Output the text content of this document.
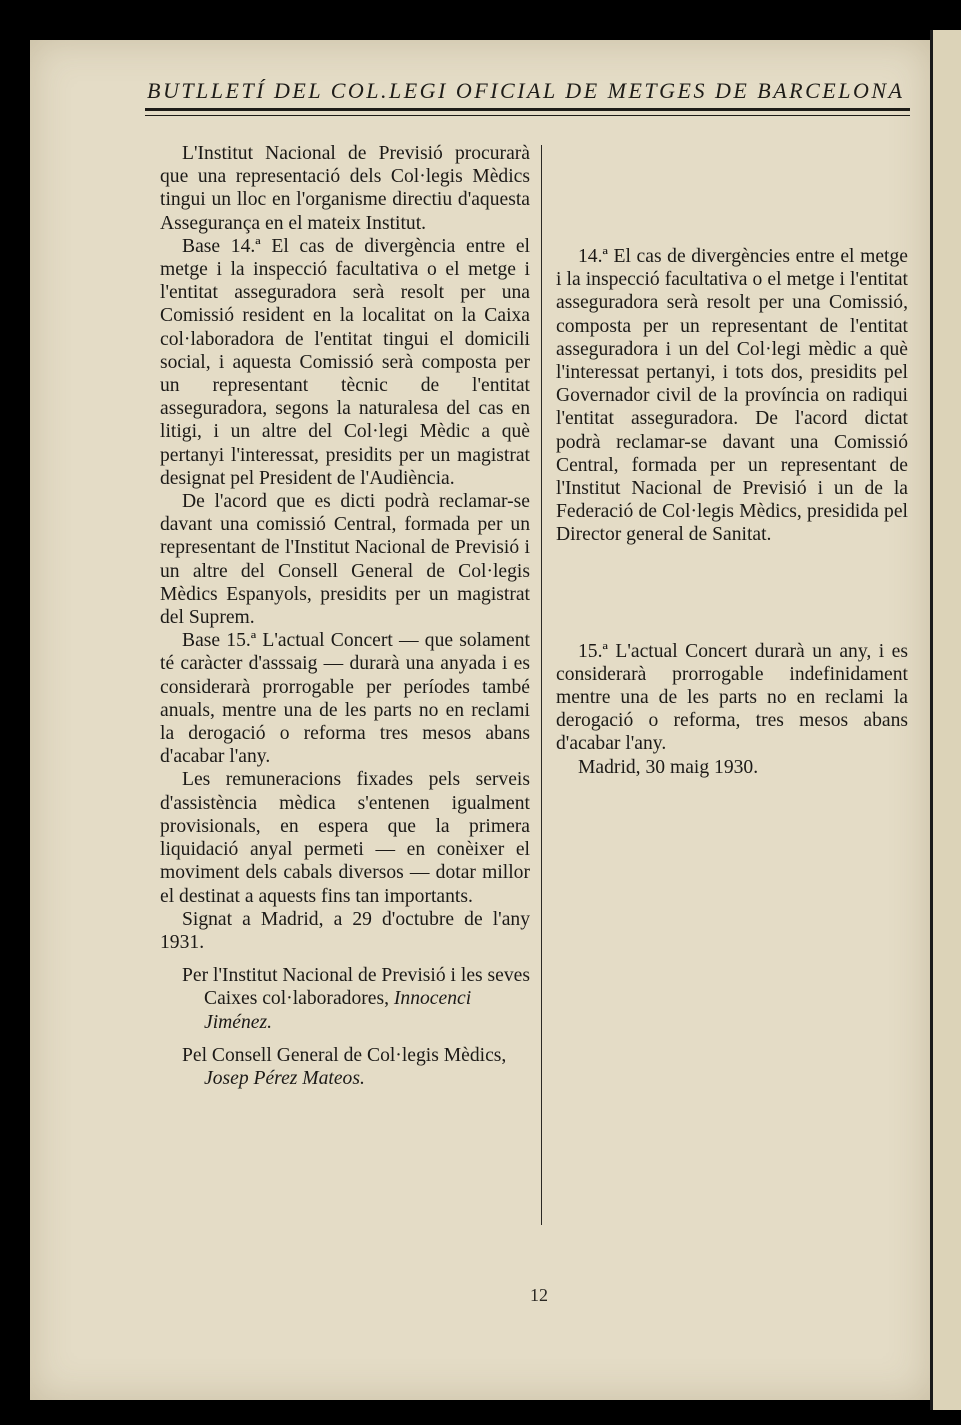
BUTLLETÍ DEL COL.LEGI OFICIAL DE METGES DE BARCELONA

L'Institut Nacional de Previsió procurarà que una representació dels Col·legis Mèdics tingui un lloc en l'organisme directiu d'aquesta Assegurança en el mateix Institut.

Base 14.ª El cas de divergència entre el metge i la inspecció facultativa o el metge i l'entitat asseguradora serà resolt per una Comissió resident en la localitat on la Caixa col·laboradora de l'entitat tingui el domicili social, i aquesta Comissió serà composta per un representant tècnic de l'entitat asseguradora, segons la naturalesa del cas en litigi, i un altre del Col·legi Mèdic a què pertanyi l'interessat, presidits per un magistrat designat pel President de l'Audiència.

De l'acord que es dicti podrà reclamar-se davant una comissió Central, formada per un representant de l'Institut Nacional de Previsió i un altre del Consell General de Col·legis Mèdics Espanyols, presidits per un magistrat del Suprem.

Base 15.ª L'actual Concert — que solament té caràcter d'asssaig — durarà una anyada i es considerarà prorrogable per períodes també anuals, mentre una de les parts no en reclami la derogació o reforma tres mesos abans d'acabar l'any.

Les remuneracions fixades pels serveis d'assistència mèdica s'entenen igualment provisionals, en espera que la primera liquidació anyal permeti — en conèixer el moviment dels cabals diversos — dotar millor el destinat a aquests fins tan importants.

Signat a Madrid, a 29 d'octubre de l'any 1931.

Per l'Institut Nacional de Previsió i les seves Caixes col·laboradores, Innocenci Jiménez.

Pel Consell General de Col·legis Mèdics, Josep Pérez Mateos.

14.ª El cas de divergències entre el metge i la inspecció facultativa o el metge i l'entitat asseguradora serà resolt per una Comissió, composta per un representant de l'entitat asseguradora i un del Col·legi mèdic a què l'interessat pertanyi, i tots dos, presidits pel Governador civil de la província on radiqui l'entitat asseguradora. De l'acord dictat podrà reclamar-se davant una Comissió Central, formada per un representant de l'Institut Nacional de Previsió i un de la Federació de Col·legis Mèdics, presidida pel Director general de Sanitat.

15.ª L'actual Concert durarà un any, i es considerarà prorrogable indefinidament mentre una de les parts no en reclami la derogació o reforma, tres mesos abans d'acabar l'any.

Madrid, 30 maig 1930.

12
